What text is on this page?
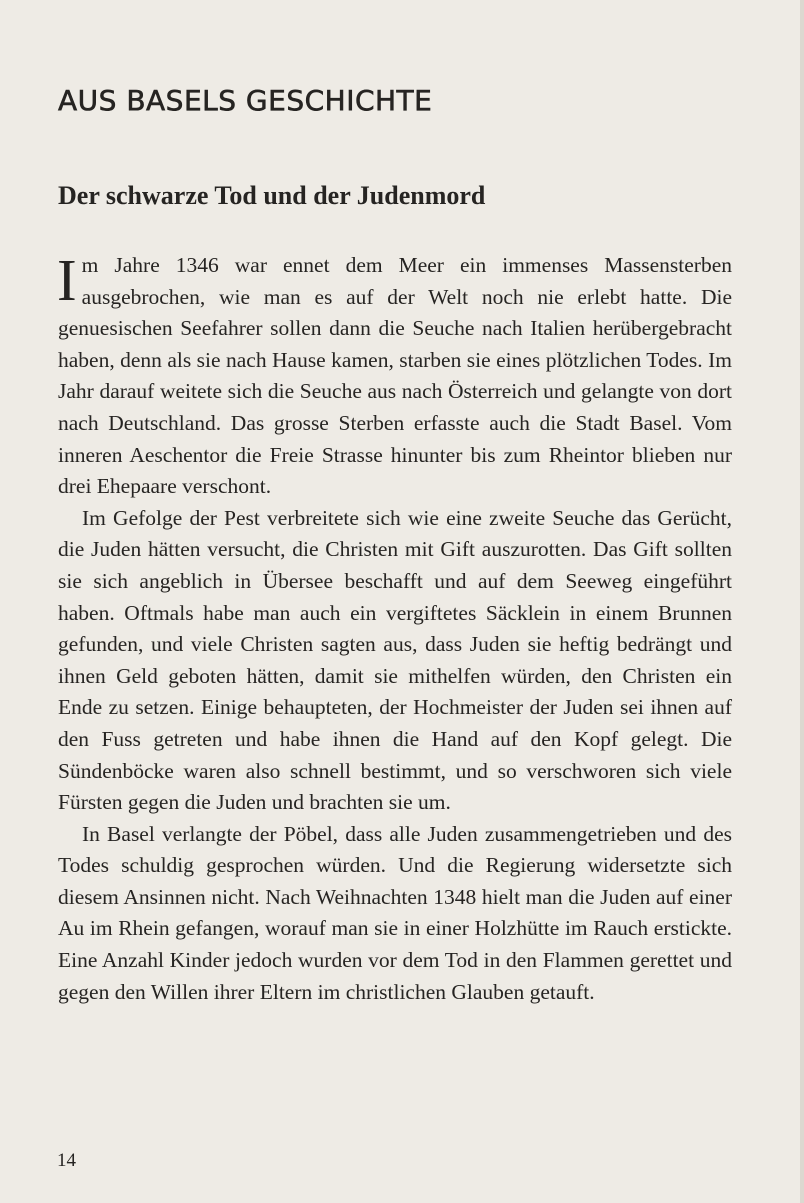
AUS BASELS GESCHICHTE
Der schwarze Tod und der Judenmord

Im Jahre 1346 war ennet dem Meer ein immenses Massensterben ausgebrochen, wie man es auf der Welt noch nie erlebt hatte. Die genuesischen Seefahrer sollen dann die Seuche nach Italien herübergebracht haben, denn als sie nach Hause kamen, starben sie eines plötzlichen Todes. Im Jahr darauf weitete sich die Seuche aus nach Österreich und gelangte von dort nach Deutschland. Das grosse Sterben erfasste auch die Stadt Basel. Vom inneren Aeschentor die Freie Strasse hinunter bis zum Rheintor blieben nur drei Ehepaare verschont.

Im Gefolge der Pest verbreitete sich wie eine zweite Seuche das Gerücht, die Juden hätten versucht, die Christen mit Gift auszurotten. Das Gift sollten sie sich angeblich in Übersee beschafft und auf dem Seeweg eingeführt haben. Oftmals habe man auch ein vergiftetes Säcklein in einem Brunnen gefunden, und viele Christen sagten aus, dass Juden sie heftig bedrängt und ihnen Geld geboten hätten, damit sie mithelfen würden, den Christen ein Ende zu setzen. Einige behaupteten, der Hochmeister der Juden sei ihnen auf den Fuss getreten und habe ihnen die Hand auf den Kopf gelegt. Die Sündenböcke waren also schnell bestimmt, und so verschworen sich viele Fürsten gegen die Juden und brachten sie um.

In Basel verlangte der Pöbel, dass alle Juden zusammengetrieben und des Todes schuldig gesprochen würden. Und die Regierung widersetzte sich diesem Ansinnen nicht. Nach Weihnachten 1348 hielt man die Juden auf einer Au im Rhein gefangen, worauf man sie in einer Holzhütte im Rauch erstickte. Eine Anzahl Kinder jedoch wurden vor dem Tod in den Flammen gerettet und gegen den Willen ihrer Eltern im christlichen Glauben getauft.

14
